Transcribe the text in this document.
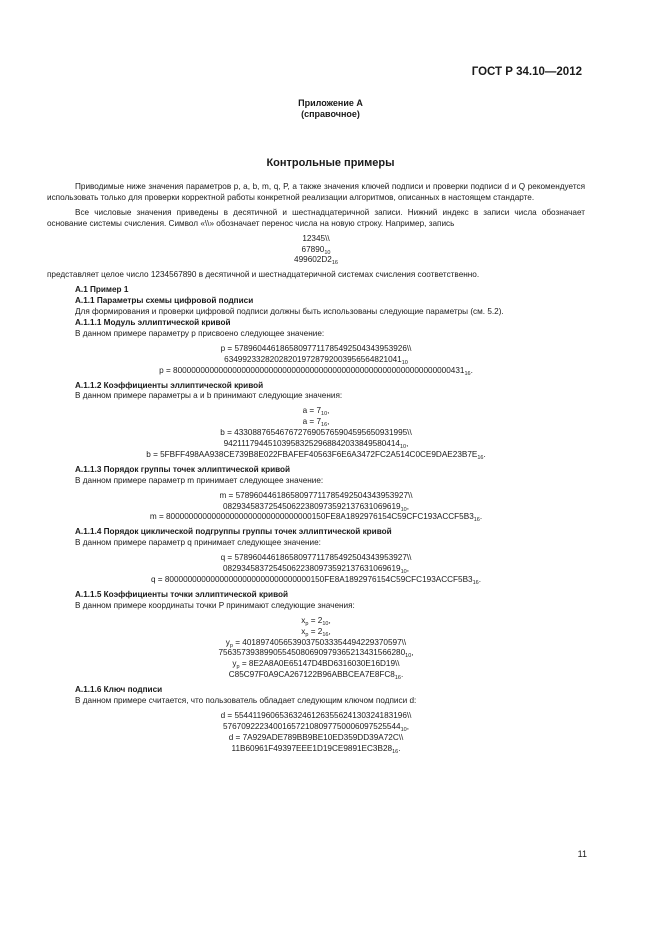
ГОСТ Р 34.10—2012
Приложение А
(справочное)
Контрольные примеры

Приводимые ниже значения параметров p, a, b, m, q, P, а также значения ключей подписи и проверки подписи d и Q рекомендуется использовать только для проверки корректной работы конкретной реализации алгоритмов, описанных в настоящем стандарте.

Все числовые значения приведены в десятичной и шестнадцатеричной записи. Нижний индекс в записи числа обозначает основание системы счисления. Символ «\\» обозначает перенос числа на новую строку. Например, запись

12345\\

$67890_{10}$

$499602D2_{16}$

представляет целое число 1234567890 в десятичной и шестнадцатеричной системах счисления соответственно.

А.1 Пример 1

А.1.1 Параметры схемы цифровой подписи

Для формирования и проверки цифровой подписи должны быть использованы следующие параметры (см. 5.2).

А.1.1.1 Модуль эллиптической кривой

В данном примере параметру p присвоено следующее значение:

p = 57896044618658097711785492504343953926\\

$634992332820282019728792003956564821041_{10}$

$p = 8000000000000000000000000000000000000000000000000000000000000431_{16}$.

А.1.1.2 Коэффициенты эллиптической кривой

В данном примере параметры a и b принимают следующие значения:

$a = 7_{10}$,

$a = 7_{16}$,

b = 43308876546767276905765904595650931995\\

$942111794451039583252968842033849580414_{10}$,

$b = 5FBFF498AA938CE739B8E022FBAFEF40563F6E6A3472FC2A514C0CE9DAE23B7E_{16}$.

А.1.1.3 Порядок группы точек эллиптической кривой

В данном примере параметр m принимает следующее значение:

m = 57896044618658097711785492504343953927\\

$082934583725450622380973592137631069619_{10}$,

$m = 80000000000000000000000000000000150FE8A1892976154C59CFC193ACCF5B3_{16}$.

А.1.1.4 Порядок циклической подгруппы группы точек эллиптической кривой

В данном примере параметр q принимает следующее значение:

q = 57896044618658097711785492504343953927\\

$082934583725450622380973592137631069619_{10}$,

$q = 80000000000000000000000000000000150FE8A1892976154C59CFC193ACCF5B3_{16}$.

А.1.1.5 Коэффициенты точки эллиптической кривой

В данном примере координаты точки P принимают следующие значения:

$x_p = 2_{10}$,

$x_p = 2_{16}$,

$y_p$ = 40189740565390375033354494229370597\\

$75635739389905545080690979365213431566280_{10}$,

$y_p$ = 8E2A8A0E65147D4BD6316030E16D19\\

$C85C97F0A9CA267122B96ABBCEA7E8FC8_{16}$.

А.1.1.6 Ключ подписи

В данном примере считается, что пользователь обладает следующим ключом подписи d:

d = 55441196065363246126355624130324183196\\

$576709222340016572108097750006097525544_{10}$,

d = 7A929ADE789BB9BE10ED359DD39A72C\\

$11B60961F49397EEE1D19CE9891EC3B28_{16}$.

11
